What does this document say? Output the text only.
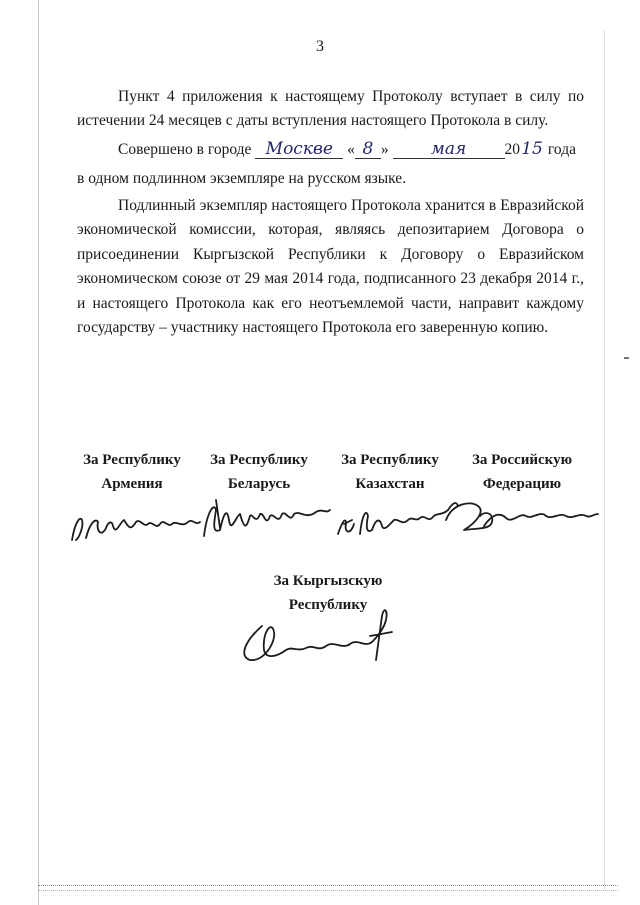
3

Пункт 4 приложения к настоящему Протоколу вступает в силу по истечении 24 месяцев с даты вступления настоящего Протокола в силу.

Совершено в городе Москве « 8 » мая 2015 года
в одном подлинном экземпляре на русском языке.

Подлинный экземпляр настоящего Протокола хранится в Евразийской экономической комиссии, которая, являясь депозитарием Договора о присоединении Кыргызской Республики к Договору о Евразийском экономическом союзе от 29 мая 2014 года, подписанного 23 декабря 2014 г., и настоящего Протокола как его неотъемлемой части, направит каждому государству – участнику настоящего Протокола его заверенную копию.

За Республику
Армения
За Республику
Беларусь
За Республику
Казахстан
За Российскую
Федерацию
За Кыргызскую
Республику
